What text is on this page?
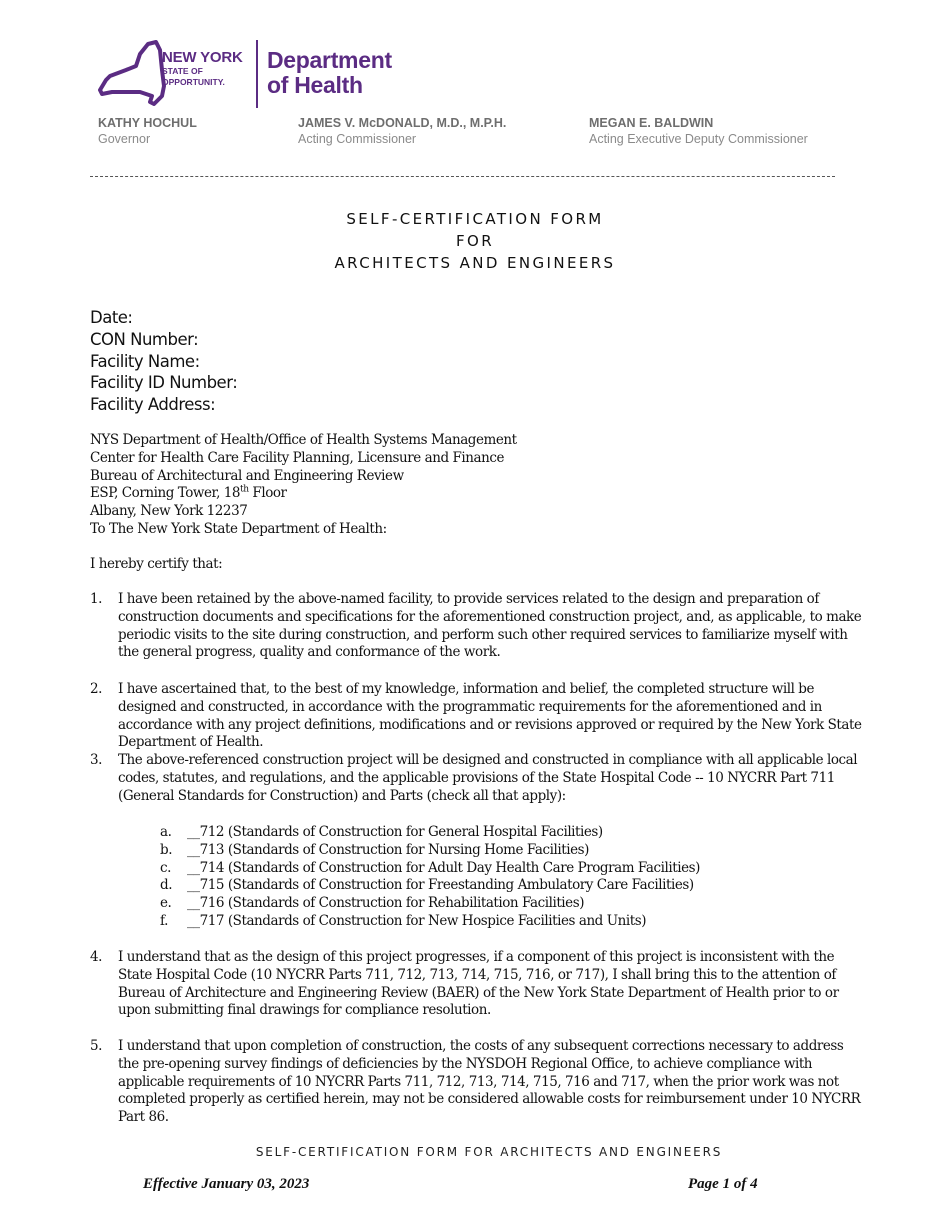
NEW YORK
STATE OF
OPPORTUNITY.
Department
of Health
KATHY HOCHUL
Governor
JAMES V. McDONALD, M.D., M.P.H.
Acting Commissioner
MEGAN E. BALDWIN
Acting Executive Deputy Commissioner
SELF-CERTIFICATION FORM
FOR
ARCHITECTS AND ENGINEERS
Date:
CON Number:
Facility Name:
Facility ID Number:
Facility Address:
NYS Department of Health/Office of Health Systems Management
Center for Health Care Facility Planning, Licensure and Finance
Bureau of Architectural and Engineering Review
ESP, Corning Tower, 18th Floor
Albany, New York 12237
To The New York State Department of Health:
I hereby certify that:
1. I have been retained by the above-named facility, to provide services related to the design and preparation of construction documents and specifications for the aforementioned construction project, and, as applicable, to make periodic visits to the site during construction, and perform such other required services to familiarize myself with the general progress, quality and conformance of the work.
2. I have ascertained that, to the best of my knowledge, information and belief, the completed structure will be designed and constructed, in accordance with the programmatic requirements for the aforementioned and in accordance with any project definitions, modifications and or revisions approved or required by the New York State Department of Health.
3. The above-referenced construction project will be designed and constructed in compliance with all applicable local codes, statutes, and regulations, and the applicable provisions of the State Hospital Code -- 10 NYCRR Part 711 (General Standards for Construction) and Parts (check all that apply):
a. __712 (Standards of Construction for General Hospital Facilities)
b. __713 (Standards of Construction for Nursing Home Facilities)
c. __714 (Standards of Construction for Adult Day Health Care Program Facilities)
d. __715 (Standards of Construction for Freestanding Ambulatory Care Facilities)
e. __716 (Standards of Construction for Rehabilitation Facilities)
f. __717 (Standards of Construction for New Hospice Facilities and Units)
4. I understand that as the design of this project progresses, if a component of this project is inconsistent with the State Hospital Code (10 NYCRR Parts 711, 712, 713, 714, 715, 716, or 717), I shall bring this to the attention of Bureau of Architecture and Engineering Review (BAER) of the New York State Department of Health prior to or upon submitting final drawings for compliance resolution.
5. I understand that upon completion of construction, the costs of any subsequent corrections necessary to address the pre-opening survey findings of deficiencies by the NYSDOH Regional Office, to achieve compliance with applicable requirements of 10 NYCRR Parts 711, 712, 713, 714, 715, 716 and 717, when the prior work was not completed properly as certified herein, may not be considered allowable costs for reimbursement under 10 NYCRR Part 86.
SELF-CERTIFICATION FORM FOR ARCHITECTS AND ENGINEERS
Effective January 03, 2023	Page 1 of 4
